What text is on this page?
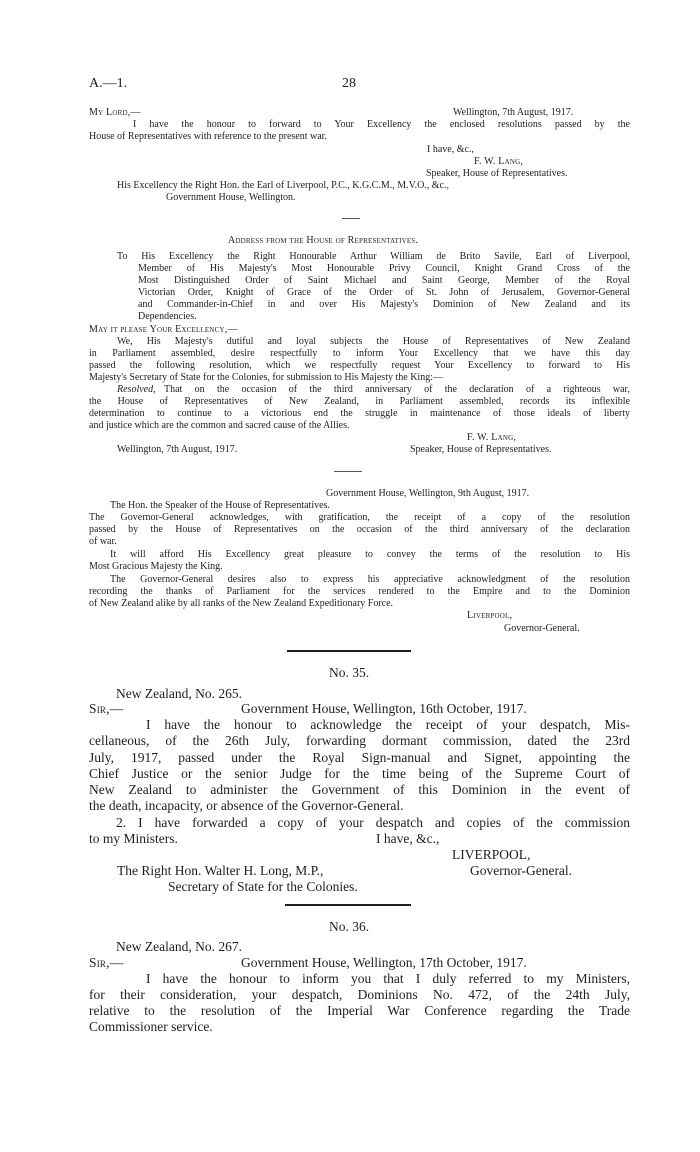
A.—1.	28
My Lord,—	Wellington, 7th August, 1917.
I have the honour to forward to Your Excellency the enclosed resolutions passed by the
House of Representatives with reference to the present war.
I have, &c.,
F. W. Lang,
Speaker, House of Representatives.
His Excellency the Right Hon. the Earl of Liverpool, P.C., K.G.C.M., M.V.O., &c.,
Government House, Wellington.
Address from the House of Representatives.
To His Excellency the Right Honourable Arthur William de Brito Savile, Earl of Liverpool,
Member of His Majesty's Most Honourable Privy Council, Knight Grand Cross of the
Most Distinguished Order of Saint Michael and Saint George, Member of the Royal
Victorian Order, Knight of Grace of the Order of St. John of Jerusalem, Governor-General
and Commander-in-Chief in and over His Majesty's Dominion of New Zealand and its
Dependencies.
May it please Your Excellency,—
We, His Majesty's dutiful and loyal subjects the House of Representatives of New Zealand
in Parliament assembled, desire respectfully to inform Your Excellency that we have this day
passed the following resolution, which we respectfully request Your Excellency to forward to His
Majesty's Secretary of State for the Colonies, for submission to His Majesty the King:—
Resolved, That on the occasion of the third anniversary of the declaration of a righteous war,
the House of Representatives of New Zealand, in Parliament assembled, records its inflexible
determination to continue to a victorious end the struggle in maintenance of those ideals of liberty
and justice which are the common and sacred cause of the Allies.
F. W. Lang,
Wellington, 7th August, 1917.	Speaker, House of Representatives.
Government House, Wellington, 9th August, 1917.
The Hon. the Speaker of the House of Representatives.
The Governor-General acknowledges, with gratification, the receipt of a copy of the resolution
passed by the House of Representatives on the occasion of the third anniversary of the declaration
of war.
It will afford His Excellency great pleasure to convey the terms of the resolution to His
Most Gracious Majesty the King.
The Governor-General desires also to express his appreciative acknowledgment of the resolution
recording the thanks of Parliament for the services rendered to the Empire and to the Dominion
of New Zealand alike by all ranks of the New Zealand Expeditionary Force.
Liverpool,
Governor-General.
No. 35.
New Zealand, No. 265.
Sir,—	Government House, Wellington, 16th October, 1917.
I have the honour to acknowledge the receipt of your despatch, Mis-
cellaneous, of the 26th July, forwarding dormant commission, dated the 23rd
July, 1917, passed under the Royal Sign-manual and Signet, appointing the
Chief Justice or the senior Judge for the time being of the Supreme Court of
New Zealand to administer the Government of this Dominion in the event of
the death, incapacity, or absence of the Governor-General.
2. I have forwarded a copy of your despatch and copies of the commission
to my Ministers.	I have, &c.,
LIVERPOOL,
The Right Hon. Walter H. Long, M.P.,	Governor-General.
Secretary of State for the Colonies.
No. 36.
New Zealand, No. 267.
Sir,—	Government House, Wellington, 17th October, 1917.
I have the honour to inform you that I duly referred to my Ministers,
for their consideration, your despatch, Dominions No. 472, of the 24th July,
relative to the resolution of the Imperial War Conference regarding the Trade
Commissioner service.
